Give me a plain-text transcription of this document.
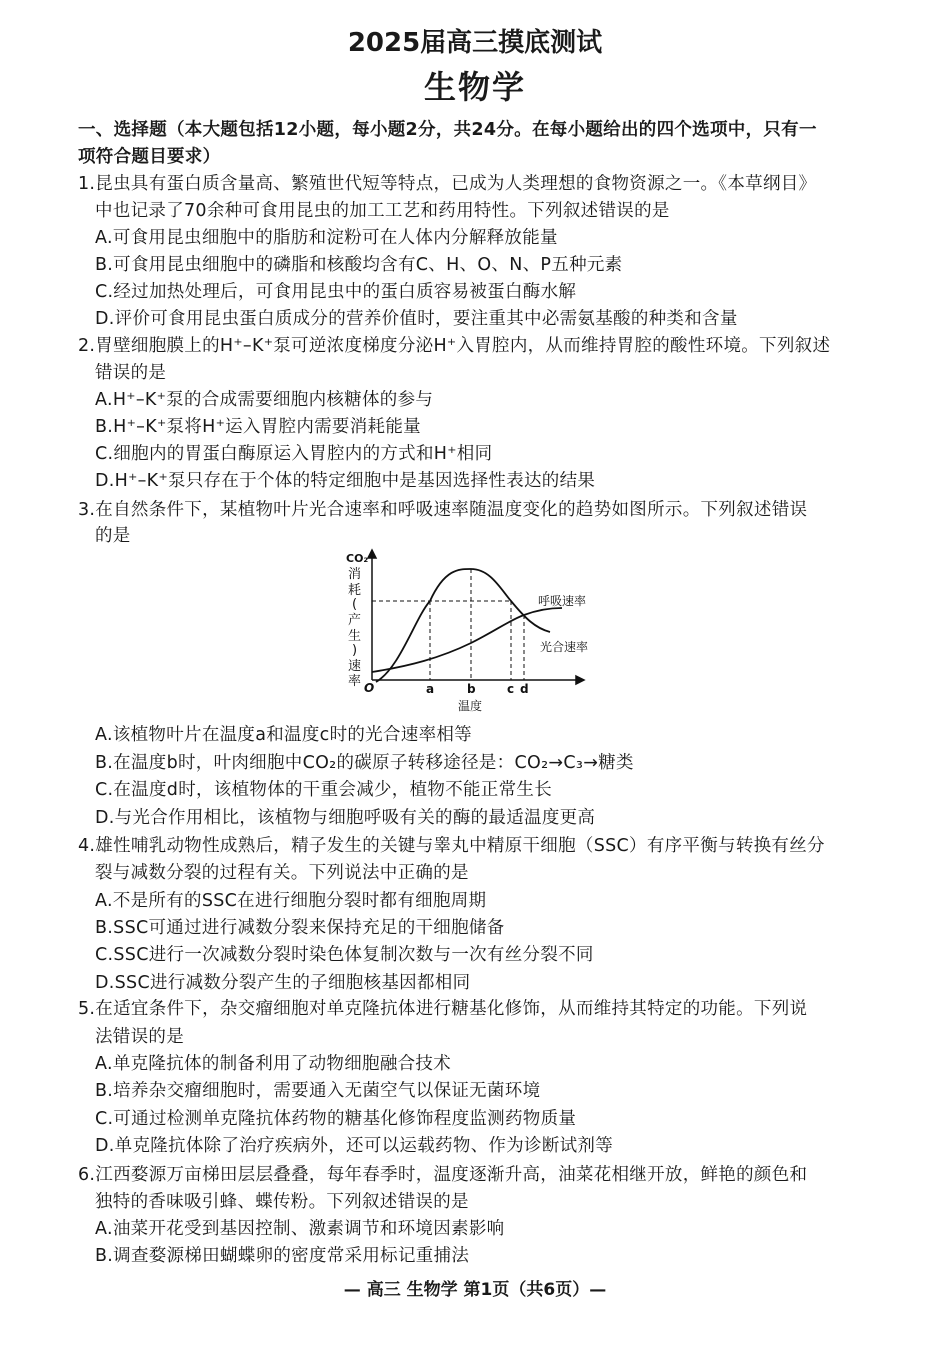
2025届高三摸底测试
生物学
一、选择题（本大题包括12小题，每小题2分，共24分。在每小题给出的四个选项中，只有一
项符合题目要求）
1.昆虫具有蛋白质含量高、繁殖世代短等特点，已成为人类理想的食物资源之一。《本草纲目》
中也记录了70余种可食用昆虫的加工工艺和药用特性。下列叙述错误的是
A.可食用昆虫细胞中的脂肪和淀粉可在人体内分解释放能量
B.可食用昆虫细胞中的磷脂和核酸均含有C、H、O、N、P五种元素
C.经过加热处理后，可食用昆虫中的蛋白质容易被蛋白酶水解
D.评价可食用昆虫蛋白质成分的营养价值时，要注重其中必需氨基酸的种类和含量
2.胃壁细胞膜上的H⁺–K⁺泵可逆浓度梯度分泌H⁺入胃腔内，从而维持胃腔的酸性环境。下列叙述
错误的是
A.H⁺–K⁺泵的合成需要细胞内核糖体的参与
B.H⁺–K⁺泵将H⁺运入胃腔内需要消耗能量
C.细胞内的胃蛋白酶原运入胃腔内的方式和H⁺相同
D.H⁺–K⁺泵只存在于个体的特定细胞中是基因选择性表达的结果
3.在自然条件下，某植物叶片光合速率和呼吸速率随温度变化的趋势如图所示。下列叙述错误
的是
CO₂
消
耗
(
产
生
)
速
率 O	a	b	c d
温度
呼吸速率
光合速率
A.该植物叶片在温度a和温度c时的光合速率相等
B.在温度b时，叶肉细胞中CO₂的碳原子转移途径是：CO₂→C₃→糖类
C.在温度d时，该植物体的干重会减少，植物不能正常生长
D.与光合作用相比，该植物与细胞呼吸有关的酶的最适温度更高
4.雄性哺乳动物性成熟后，精子发生的关键与睾丸中精原干细胞（SSC）有序平衡与转换有丝分
裂与减数分裂的过程有关。下列说法中正确的是
A.不是所有的SSC在进行细胞分裂时都有细胞周期
B.SSC可通过进行减数分裂来保持充足的干细胞储备
C.SSC进行一次减数分裂时染色体复制次数与一次有丝分裂不同
D.SSC进行减数分裂产生的子细胞核基因都相同
5.在适宜条件下，杂交瘤细胞对单克隆抗体进行糖基化修饰，从而维持其特定的功能。下列说
法错误的是
A.单克隆抗体的制备利用了动物细胞融合技术
B.培养杂交瘤细胞时，需要通入无菌空气以保证无菌环境
C.可通过检测单克隆抗体药物的糖基化修饰程度监测药物质量
D.单克隆抗体除了治疗疾病外，还可以运载药物、作为诊断试剂等
6.江西婺源万亩梯田层层叠叠，每年春季时，温度逐渐升高，油菜花相继开放，鲜艳的颜色和
独特的香味吸引蜂、蝶传粉。下列叙述错误的是
A.油菜开花受到基因控制、激素调节和环境因素影响
B.调查婺源梯田蝴蝶卵的密度常采用标记重捕法
— 高三 生物学 第1页（共6页）—
